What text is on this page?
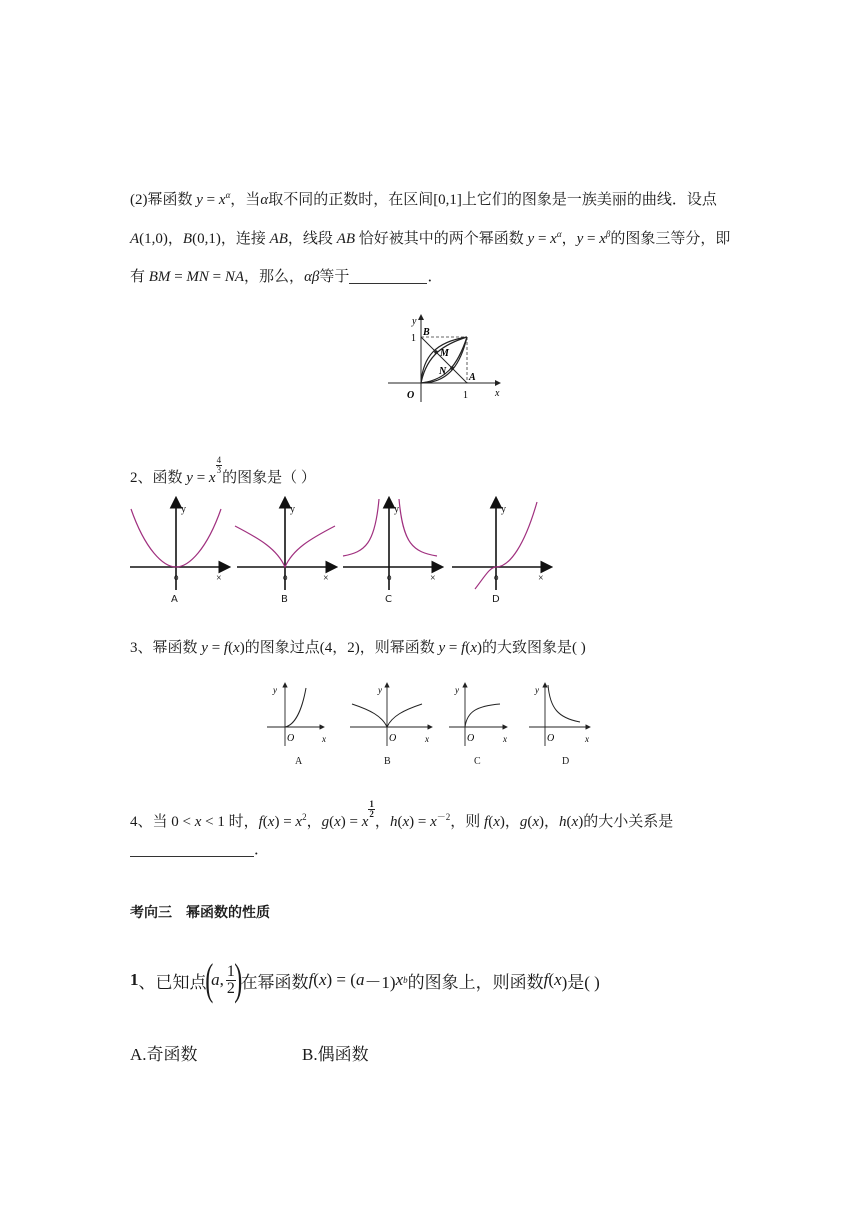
(2)幂函数 $y = x^\alpha$，当α取不同的正数时，在区间[0,1]上它们的图象是一族美丽的曲线．设点
A(1,0)，B(0,1)，连接 AB，线段 AB 恰好被其中的两个幂函数 $y = x^\alpha$，$y = x^\beta$的图象三等分，即
有 BM = MN = NA，那么，αβ等于	．
y
1
B
M
N
A
O	1	x
2、函数 y = x
$\frac{4}{3}$
的图象是（ ）
y
o	×
y
o	×
y
o	×
y
o	×
A	B	C	D
3、幂函数 y = f(x)的图象过点(4，2)，则幂函数 y = f(x)的大致图象是( )
y
O	x
y
O	x
y
O	x
y
O	x
A	B	C	D
4、当 0 < x < 1 时，$f(x) = x^2$，g(x) = x
$\frac{1}{2}$
，$h(x) = x^{-2}$，则 f(x)，g(x)，h(x)的大小关系是
．
考向三　幂函数的性质
1 、已知点
(
a , $\frac{1}{2}$
)
在幂函数 f ( x ) = ( a －1) x b 的图象上，则函数 f ( x )是( )
A.奇函数	B.偶函数
